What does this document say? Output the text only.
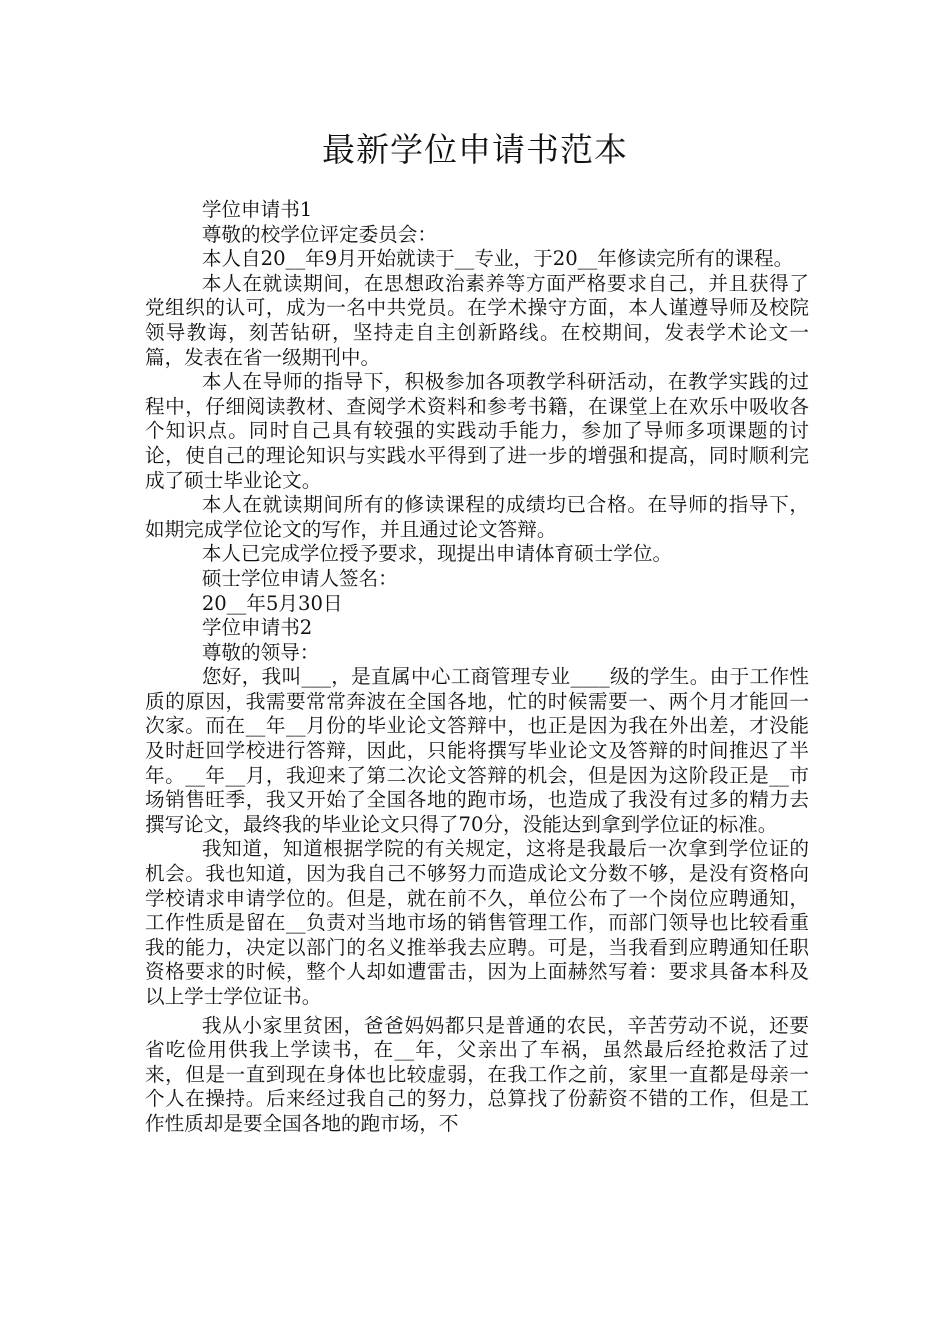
最新学位申请书范本

学位申请书1

尊敬的校学位评定委员会：

本人自20__年9月开始就读于__专业，于20__年修读完所有的课程。

本人在就读期间，在思想政治素养等方面严格要求自己，并且获得了党组织的认可，成为一名中共党员。在学术操守方面，本人谨遵导师及校院领导教诲，刻苦钻研，坚持走自主创新路线。在校期间，发表学术论文一篇，发表在省一级期刊中。

本人在导师的指导下，积极参加各项教学科研活动，在教学实践的过程中，仔细阅读教材、查阅学术资料和参考书籍，在课堂上在欢乐中吸收各个知识点。同时自己具有较强的实践动手能力，参加了导师多项课题的讨论，使自己的理论知识与实践水平得到了进一步的增强和提高，同时顺利完成了硕士毕业论文。

本人在就读期间所有的修读课程的成绩均已合格。在导师的指导下，如期完成学位论文的写作，并且通过论文答辩。

本人已完成学位授予要求，现提出申请体育硕士学位。

硕士学位申请人签名：

20__年5月30日

学位申请书2

尊敬的领导：

您好，我叫___，是直属中心工商管理专业____级的学生。由于工作性质的原因，我需要常常奔波在全国各地，忙的时候需要一、两个月才能回一次家。而在__年__月份的毕业论文答辩中，也正是因为我在外出差，才没能及时赶回学校进行答辩，因此，只能将撰写毕业论文及答辩的时间推迟了半年。__年__月，我迎来了第二次论文答辩的机会，但是因为这阶段正是__市场销售旺季，我又开始了全国各地的跑市场，也造成了我没有过多的精力去撰写论文，最终我的毕业论文只得了70分，没能达到拿到学位证的标准。

我知道，知道根据学院的有关规定，这将是我最后一次拿到学位证的机会。我也知道，因为我自己不够努力而造成论文分数不够，是没有资格向学校请求申请学位的。但是，就在前不久，单位公布了一个岗位应聘通知，工作性质是留在__负责对当地市场的销售管理工作，而部门领导也比较看重我的能力，决定以部门的名义推举我去应聘。可是，当我看到应聘通知任职资格要求的时候，整个人却如遭雷击，因为上面赫然写着：要求具备本科及以上学士学位证书。

我从小家里贫困，爸爸妈妈都只是普通的农民，辛苦劳动不说，还要省吃俭用供我上学读书，在__年，父亲出了车祸，虽然最后经抢救活了过来，但是一直到现在身体也比较虚弱，在我工作之前，家里一直都是母亲一个人在操持。后来经过我自己的努力，总算找了份薪资不错的工作，但是工作性质却是要全国各地的跑市场，不
